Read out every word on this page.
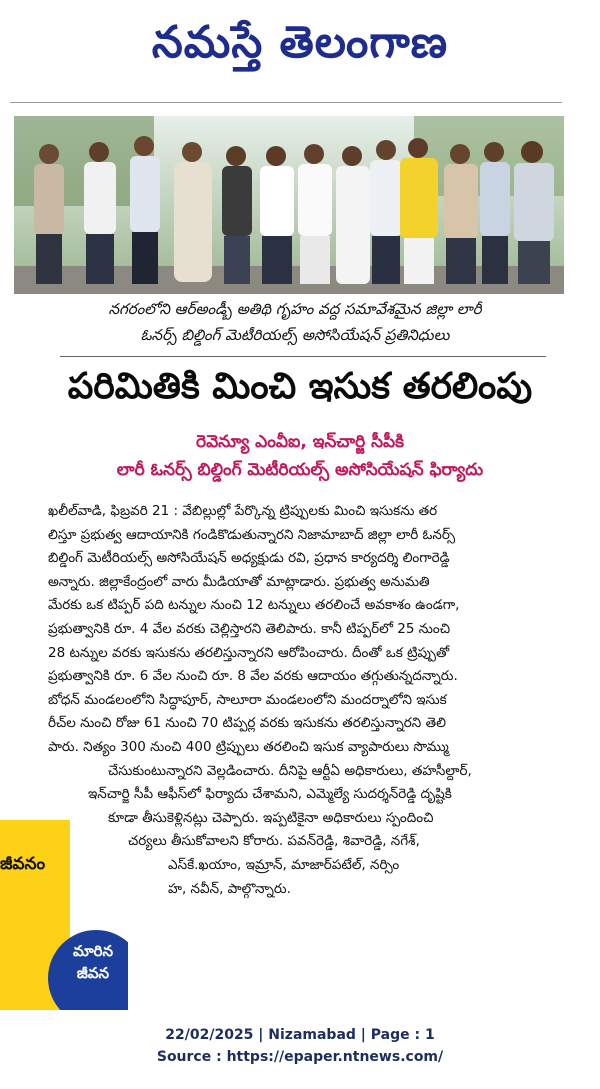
నమస్తే తెలంగాణ
నగరంలోని ఆర్అండ్బీ అతిథి గృహం వద్ద సమావేశమైన జిల్లా లారీ
ఓనర్స్ బిల్డింగ్ మెటీరియల్స్ అసోసియేషన్ ప్రతినిధులు
పరిమితికి మించి ఇసుక తరలింపు
రెవెన్యూ ఎంవీఐ, ఇన్‌చార్జి సీపీకి
లారీ ఓనర్స్ బిల్డింగ్ మెటీరియల్స్ అసోసియేషన్ ఫిర్యాదు
ఖలీల్‌వాడి, ఫిబ్రవరి 21 : వేబిల్లుల్లో పేర్కొన్న ట్రిప్పులకు మించి ఇసుకను తర
లిస్తూ ప్రభుత్వ ఆదాయానికి గండికొడుతున్నారని నిజామాబాద్ జిల్లా లారీ ఓనర్స్
బిల్డింగ్ మెటీరియల్స్ అసోసియేషన్ అధ్యక్షుడు రవి, ప్రధాన కార్యదర్శి లింగారెడ్డి
అన్నారు. జిల్లాకేంద్రంలో వారు మీడియాతో మాట్లాడారు. ప్రభుత్వ అనుమతి
మేరకు ఒక టిప్పర్ పది టన్నుల నుంచి 12 టన్నులు తరలించే అవకాశం ఉండగా,
ప్రభుత్వానికి రూ. 4 వేల వరకు చెల్లిస్తారని తెలిపారు. కానీ టిప్పర్‌లో 25 నుంచి
28 టన్నుల వరకు ఇసుకను తరలిస్తున్నారని ఆరోపించారు. దీంతో ఒక ట్రిప్పుతో
ప్రభుత్వానికి రూ. 6 వేల నుంచి రూ. 8 వేల వరకు ఆదాయం తగ్గుతున్నదన్నారు.
బోధన్ మండలంలోని సిద్ధాపూర్, సాలూరా మండలంలోని మందర్నాలోని ఇసుక
రీచ్‌ల నుంచి రోజు 61 నుంచి 70 టిప్పర్ల వరకు ఇసుకను తరలిస్తున్నారని తెలి
పారు. నిత్యం 300 నుంచి 400 ట్రిప్పులు తరలించి ఇసుక వ్యాపారులు సొమ్ము
చేసుకుంటున్నారని వెల్లడించారు. దీనిపై ఆర్టీఏ అధికారులు, తహసీల్దార్,
ఇన్‌చార్జి సీపీ ఆఫీస్‌లో ఫిర్యాదు చేశామని, ఎమ్మెల్యే సుదర్శన్‌రెడ్డి దృష్టికి
కూడా తీసుకెళ్లినట్లు చెప్పారు. ఇప్పటికైనా అధికారులు స్పందించి
చర్యలు తీసుకోవాలని కోరారు. పవన్‌రెడ్డి, శివారెడ్డి, నగేశ్,
ఎస్‌కే.ఖయాం, ఇమ్రాన్, మాజార్‌పటేల్, నర్సిం
హ, నవీన్, పాల్గొన్నారు.
జీవనం
మారిన
జీవన
22/02/2025 | Nizamabad | Page : 1
Source : https://epaper.ntnews.com/
